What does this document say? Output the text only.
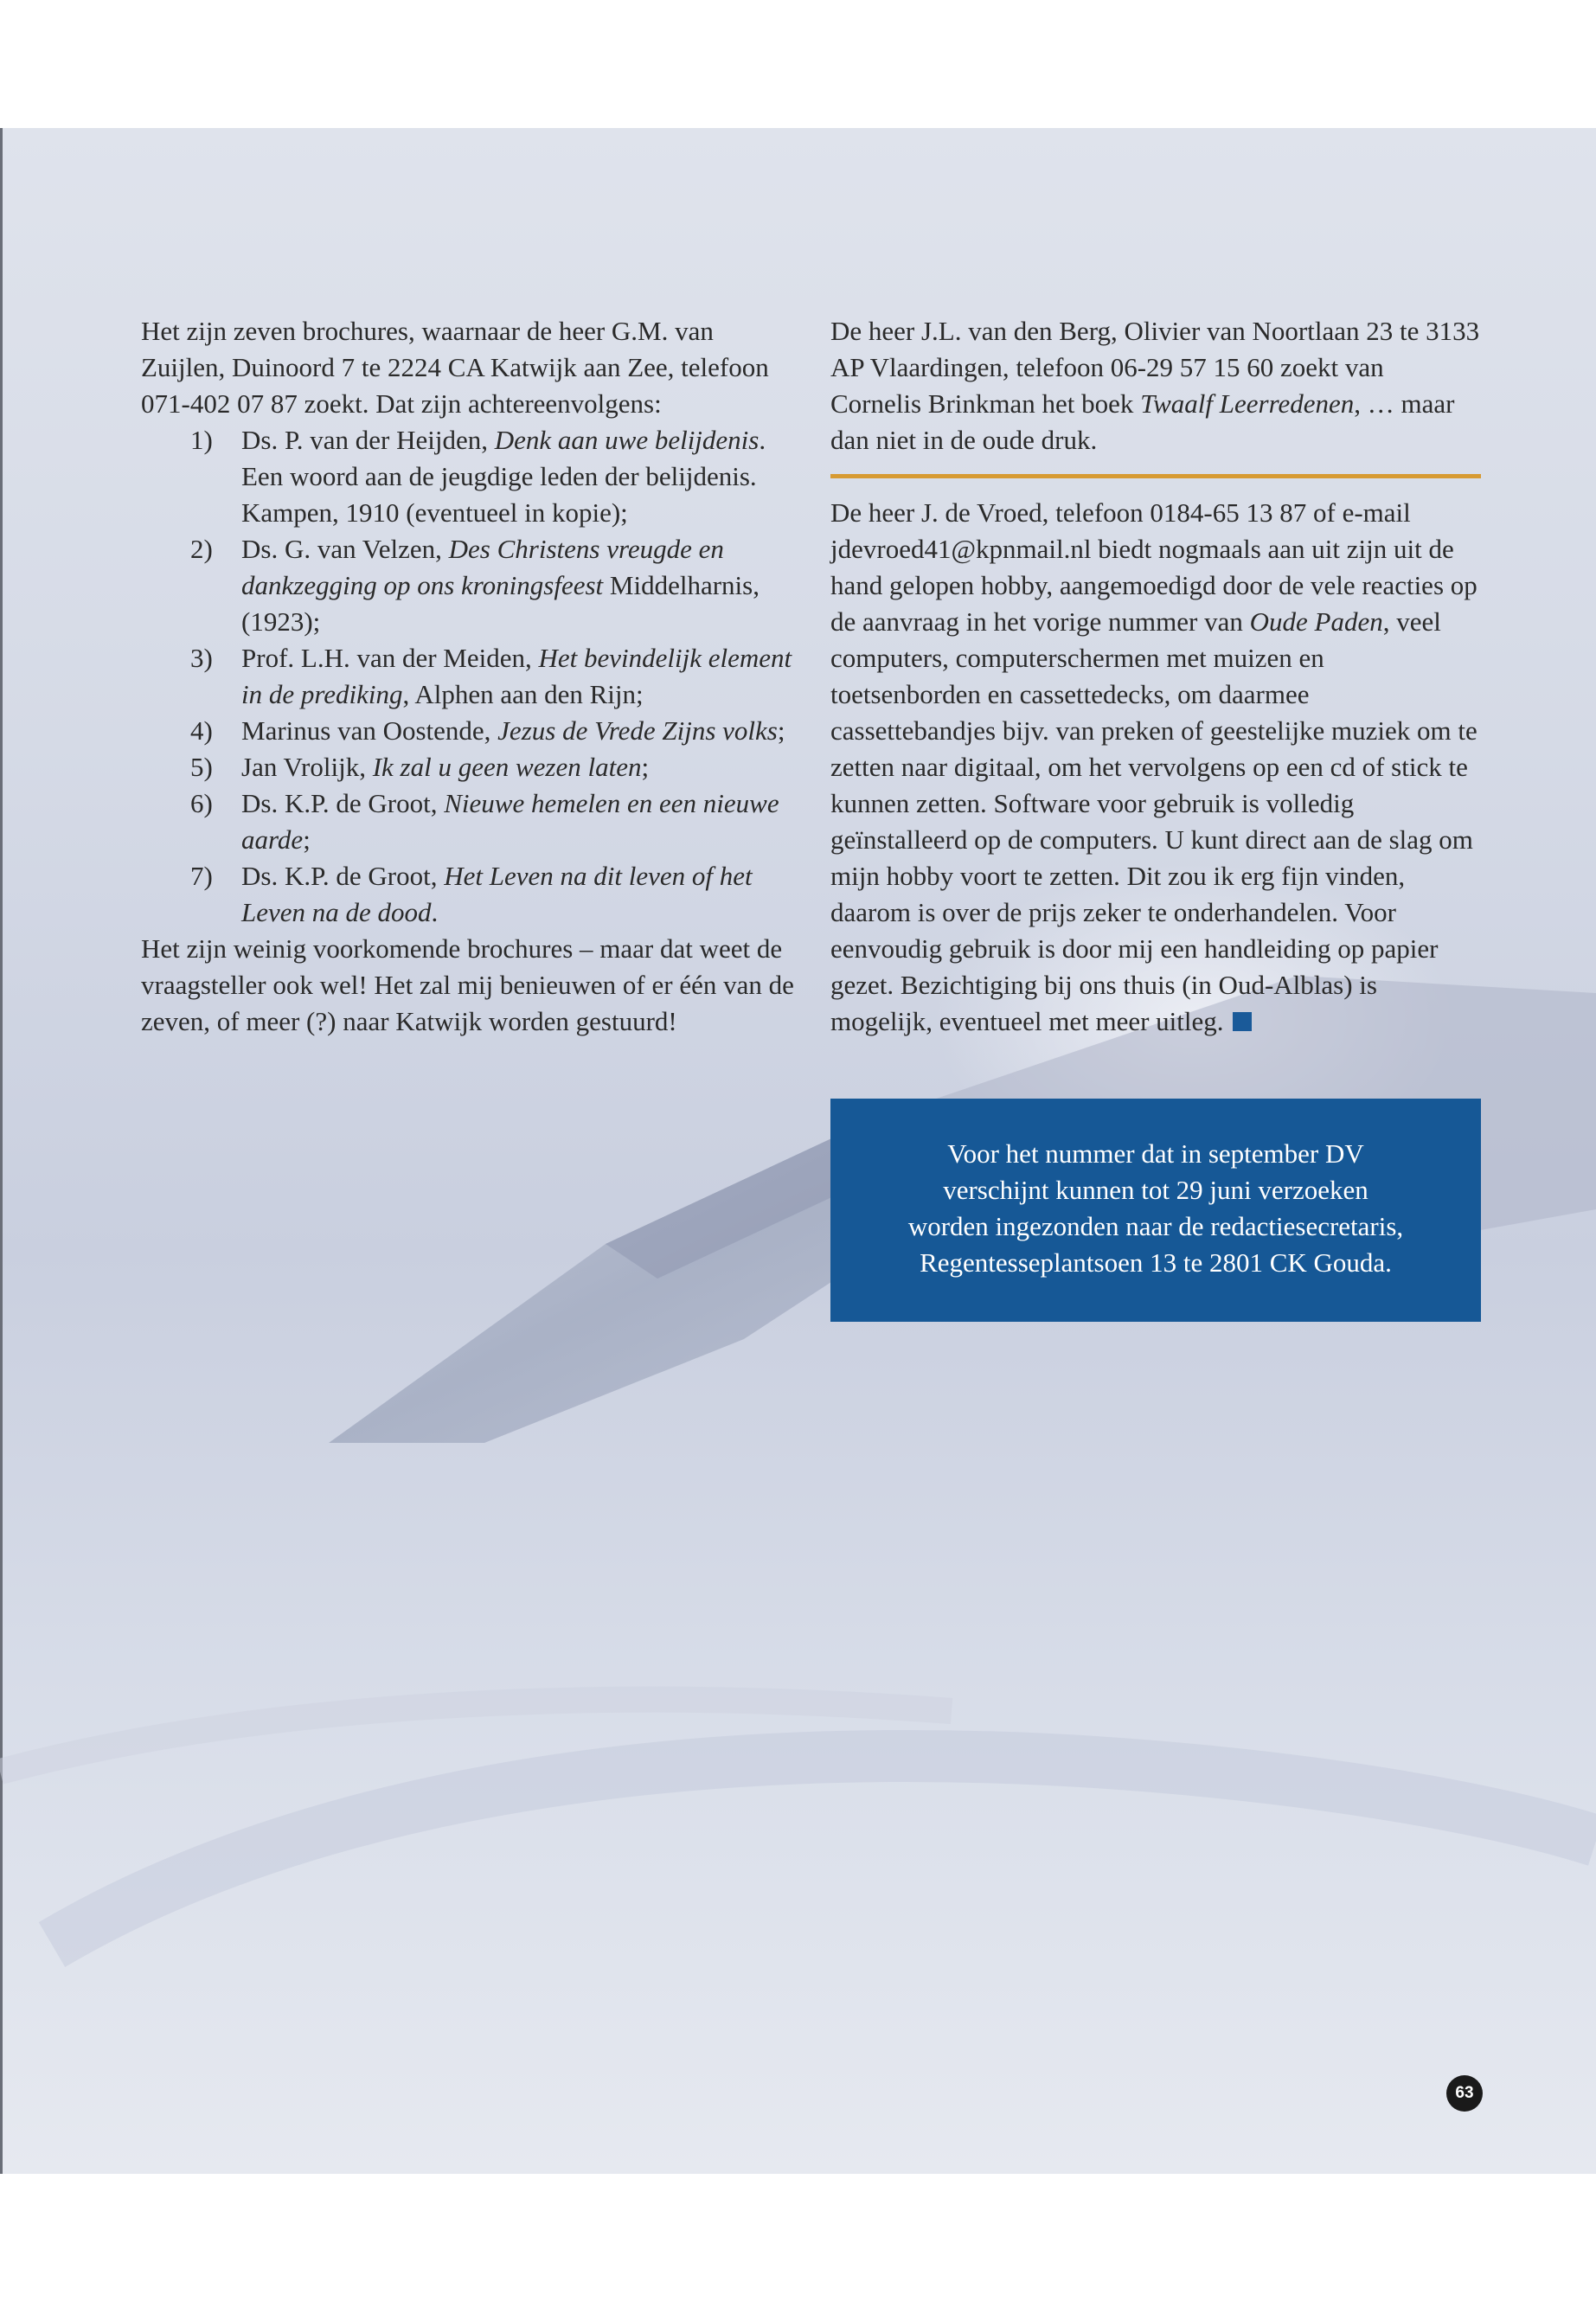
Het zijn zeven brochures, waarnaar de heer G.M. van Zuijlen, Duinoord 7 te 2224 CA Katwijk aan Zee, telefoon 071-402 07 87 zoekt. Dat zijn achtereenvolgens:

1) Ds. P. van der Heijden, Denk aan uwe belijdenis. Een woord aan de jeugdige leden der belijdenis. Kampen, 1910 (eventueel in kopie);
2) Ds. G. van Velzen, Des Christens vreugde en dankzegging op ons kroningsfeest Middelharnis, (1923);
3) Prof. L.H. van der Meiden, Het bevindelijk element in de prediking, Alphen aan den Rijn;
4) Marinus van Oostende, Jezus de Vrede Zijns volks;
5) Jan Vrolijk, Ik zal u geen wezen laten;
6) Ds. K.P. de Groot, Nieuwe hemelen en een nieuwe aarde;
7) Ds. K.P. de Groot, Het Leven na dit leven of het Leven na de dood.

Het zijn weinig voorkomende brochures – maar dat weet de vraagsteller ook wel! Het zal mij benieuwen of er één van de zeven, of meer (?) naar Katwijk worden gestuurd!

De heer J.L. van den Berg, Olivier van Noortlaan 23 te 3133 AP Vlaardingen, telefoon 06-29 57 15 60 zoekt van Cornelis Brinkman het boek Twaalf Leerredenen, … maar dan niet in de oude druk.

De heer J. de Vroed, telefoon 0184-65 13 87 of e-mail jdevroed41@kpnmail.nl biedt nogmaals aan uit zijn uit de hand gelopen hobby, aangemoedigd door de vele reacties op de aanvraag in het vorige nummer van Oude Paden, veel computers, computerschermen met muizen en toetsenborden en cassettedecks, om daarmee cassettebandjes bijv. van preken of geestelijke muziek om te zetten naar digitaal, om het vervolgens op een cd of stick te kunnen zetten. Software voor gebruik is volledig geïnstalleerd op de computers. U kunt direct aan de slag om mijn hobby voort te zetten. Dit zou ik erg fijn vinden, daarom is over de prijs zeker te onderhandelen. Voor eenvoudig gebruik is door mij een handleiding op papier gezet. Bezichtiging bij ons thuis (in Oud-Alblas) is mogelijk, eventueel met meer uitleg.

Voor het nummer dat in september DV
verschijnt kunnen tot 29 juni verzoeken
worden ingezonden naar de redactiesecretaris,
Regentesseplantsoen 13 te 2801 CK Gouda.
63
